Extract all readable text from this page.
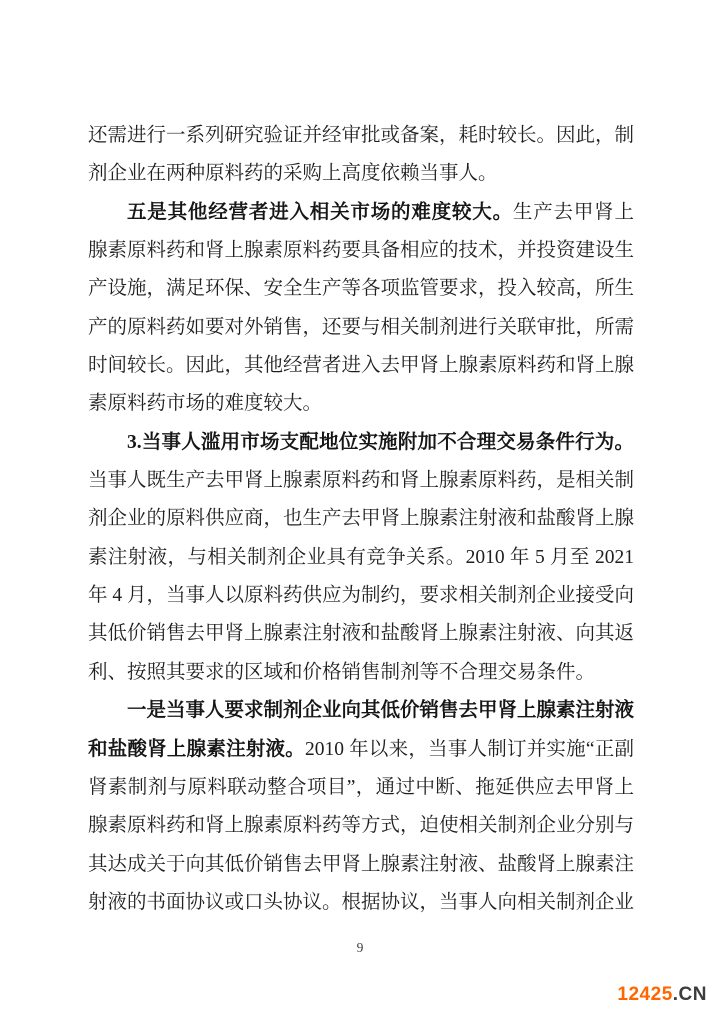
还需进行一系列研究验证并经审批或备案，耗时较长。因此，制剂企业在两种原料药的采购上高度依赖当事人。

五是其他经营者进入相关市场的难度较大。生产去甲肾上腺素原料药和肾上腺素原料药要具备相应的技术，并投资建设生产设施，满足环保、安全生产等各项监管要求，投入较高，所生产的原料药如要对外销售，还要与相关制剂进行关联审批，所需时间较长。因此，其他经营者进入去甲肾上腺素原料药和肾上腺素原料药市场的难度较大。

3.当事人滥用市场支配地位实施附加不合理交易条件行为。当事人既生产去甲肾上腺素原料药和肾上腺素原料药，是相关制剂企业的原料供应商，也生产去甲肾上腺素注射液和盐酸肾上腺素注射液，与相关制剂企业具有竞争关系。2010 年 5 月至 2021 年 4 月，当事人以原料药供应为制约，要求相关制剂企业接受向其低价销售去甲肾上腺素注射液和盐酸肾上腺素注射液、向其返利、按照其要求的区域和价格销售制剂等不合理交易条件。

一是当事人要求制剂企业向其低价销售去甲肾上腺素注射液和盐酸肾上腺素注射液。2010 年以来，当事人制订并实施“正副肾素制剂与原料联动整合项目”，通过中断、拖延供应去甲肾上腺素原料药和肾上腺素原料药等方式，迫使相关制剂企业分别与其达成关于向其低价销售去甲肾上腺素注射液、盐酸肾上腺素注射液的书面协议或口头协议。根据协议，当事人向相关制剂企业

9
12425.CN
